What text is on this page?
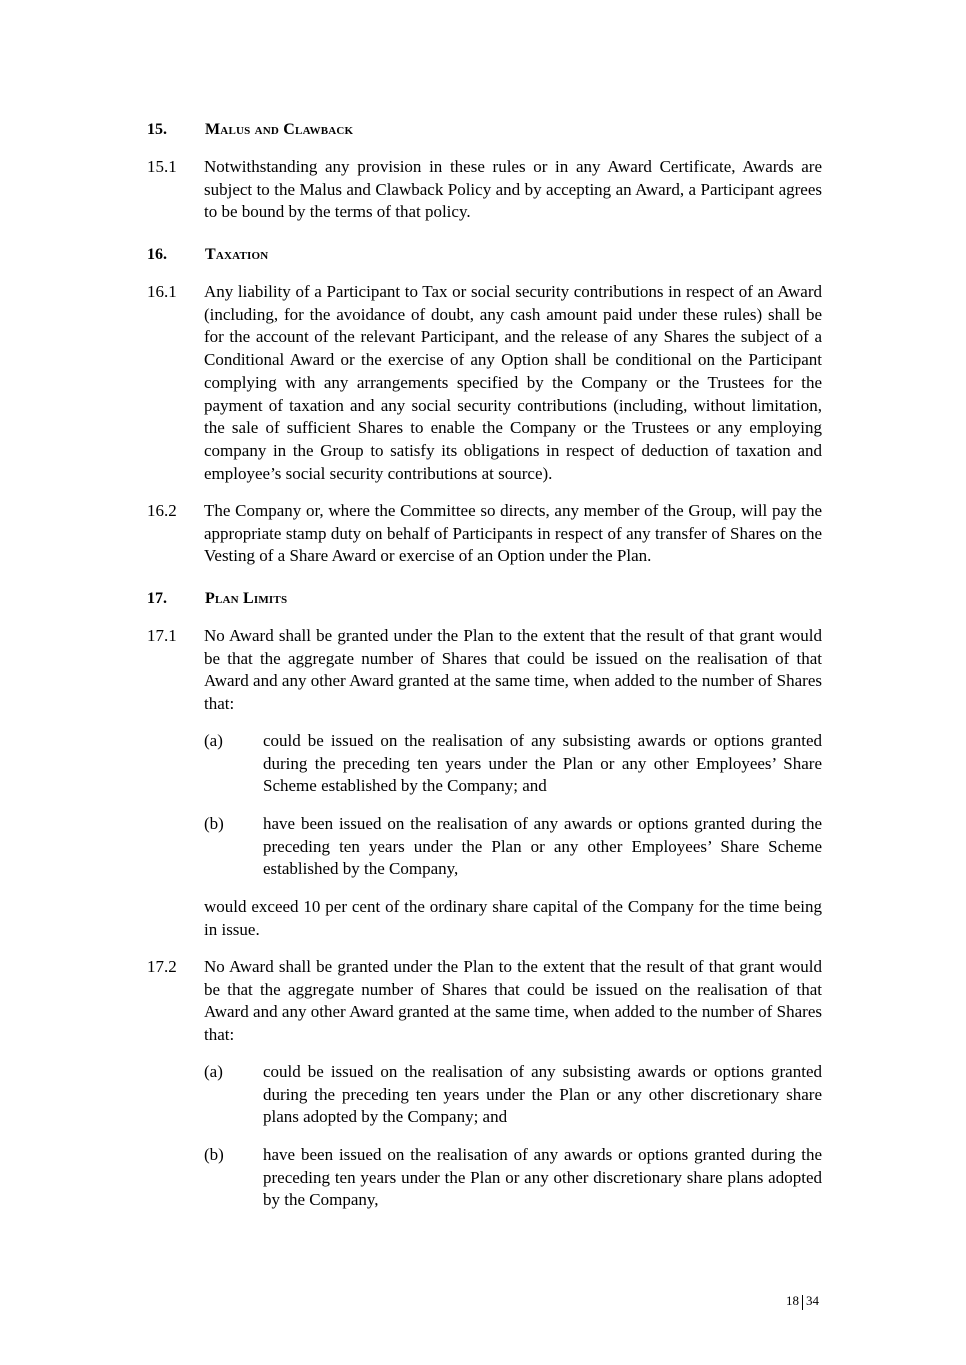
15. Malus and Clawback
15.1 Notwithstanding any provision in these rules or in any Award Certificate, Awards are subject to the Malus and Clawback Policy and by accepting an Award, a Participant agrees to be bound by the terms of that policy.
16. Taxation
16.1 Any liability of a Participant to Tax or social security contributions in respect of an Award (including, for the avoidance of doubt, any cash amount paid under these rules) shall be for the account of the relevant Participant, and the release of any Shares the subject of a Conditional Award or the exercise of any Option shall be conditional on the Participant complying with any arrangements specified by the Company or the Trustees for the payment of taxation and any social security contributions (including, without limitation, the sale of sufficient Shares to enable the Company or the Trustees or any employing company in the Group to satisfy its obligations in respect of deduction of taxation and employee’s social security contributions at source).
16.2 The Company or, where the Committee so directs, any member of the Group, will pay the appropriate stamp duty on behalf of Participants in respect of any transfer of Shares on the Vesting of a Share Award or exercise of an Option under the Plan.
17. Plan Limits
17.1 No Award shall be granted under the Plan to the extent that the result of that grant would be that the aggregate number of Shares that could be issued on the realisation of that Award and any other Award granted at the same time, when added to the number of Shares that:
(a) could be issued on the realisation of any subsisting awards or options granted during the preceding ten years under the Plan or any other Employees’ Share Scheme established by the Company; and
(b) have been issued on the realisation of any awards or options granted during the preceding ten years under the Plan or any other Employees’ Share Scheme established by the Company,
would exceed 10 per cent of the ordinary share capital of the Company for the time being in issue.
17.2 No Award shall be granted under the Plan to the extent that the result of that grant would be that the aggregate number of Shares that could be issued on the realisation of that Award and any other Award granted at the same time, when added to the number of Shares that:
(a) could be issued on the realisation of any subsisting awards or options granted during the preceding ten years under the Plan or any other discretionary share plans adopted by the Company; and
(b) have been issued on the realisation of any awards or options granted during the preceding ten years under the Plan or any other discretionary share plans adopted by the Company,
18 34
